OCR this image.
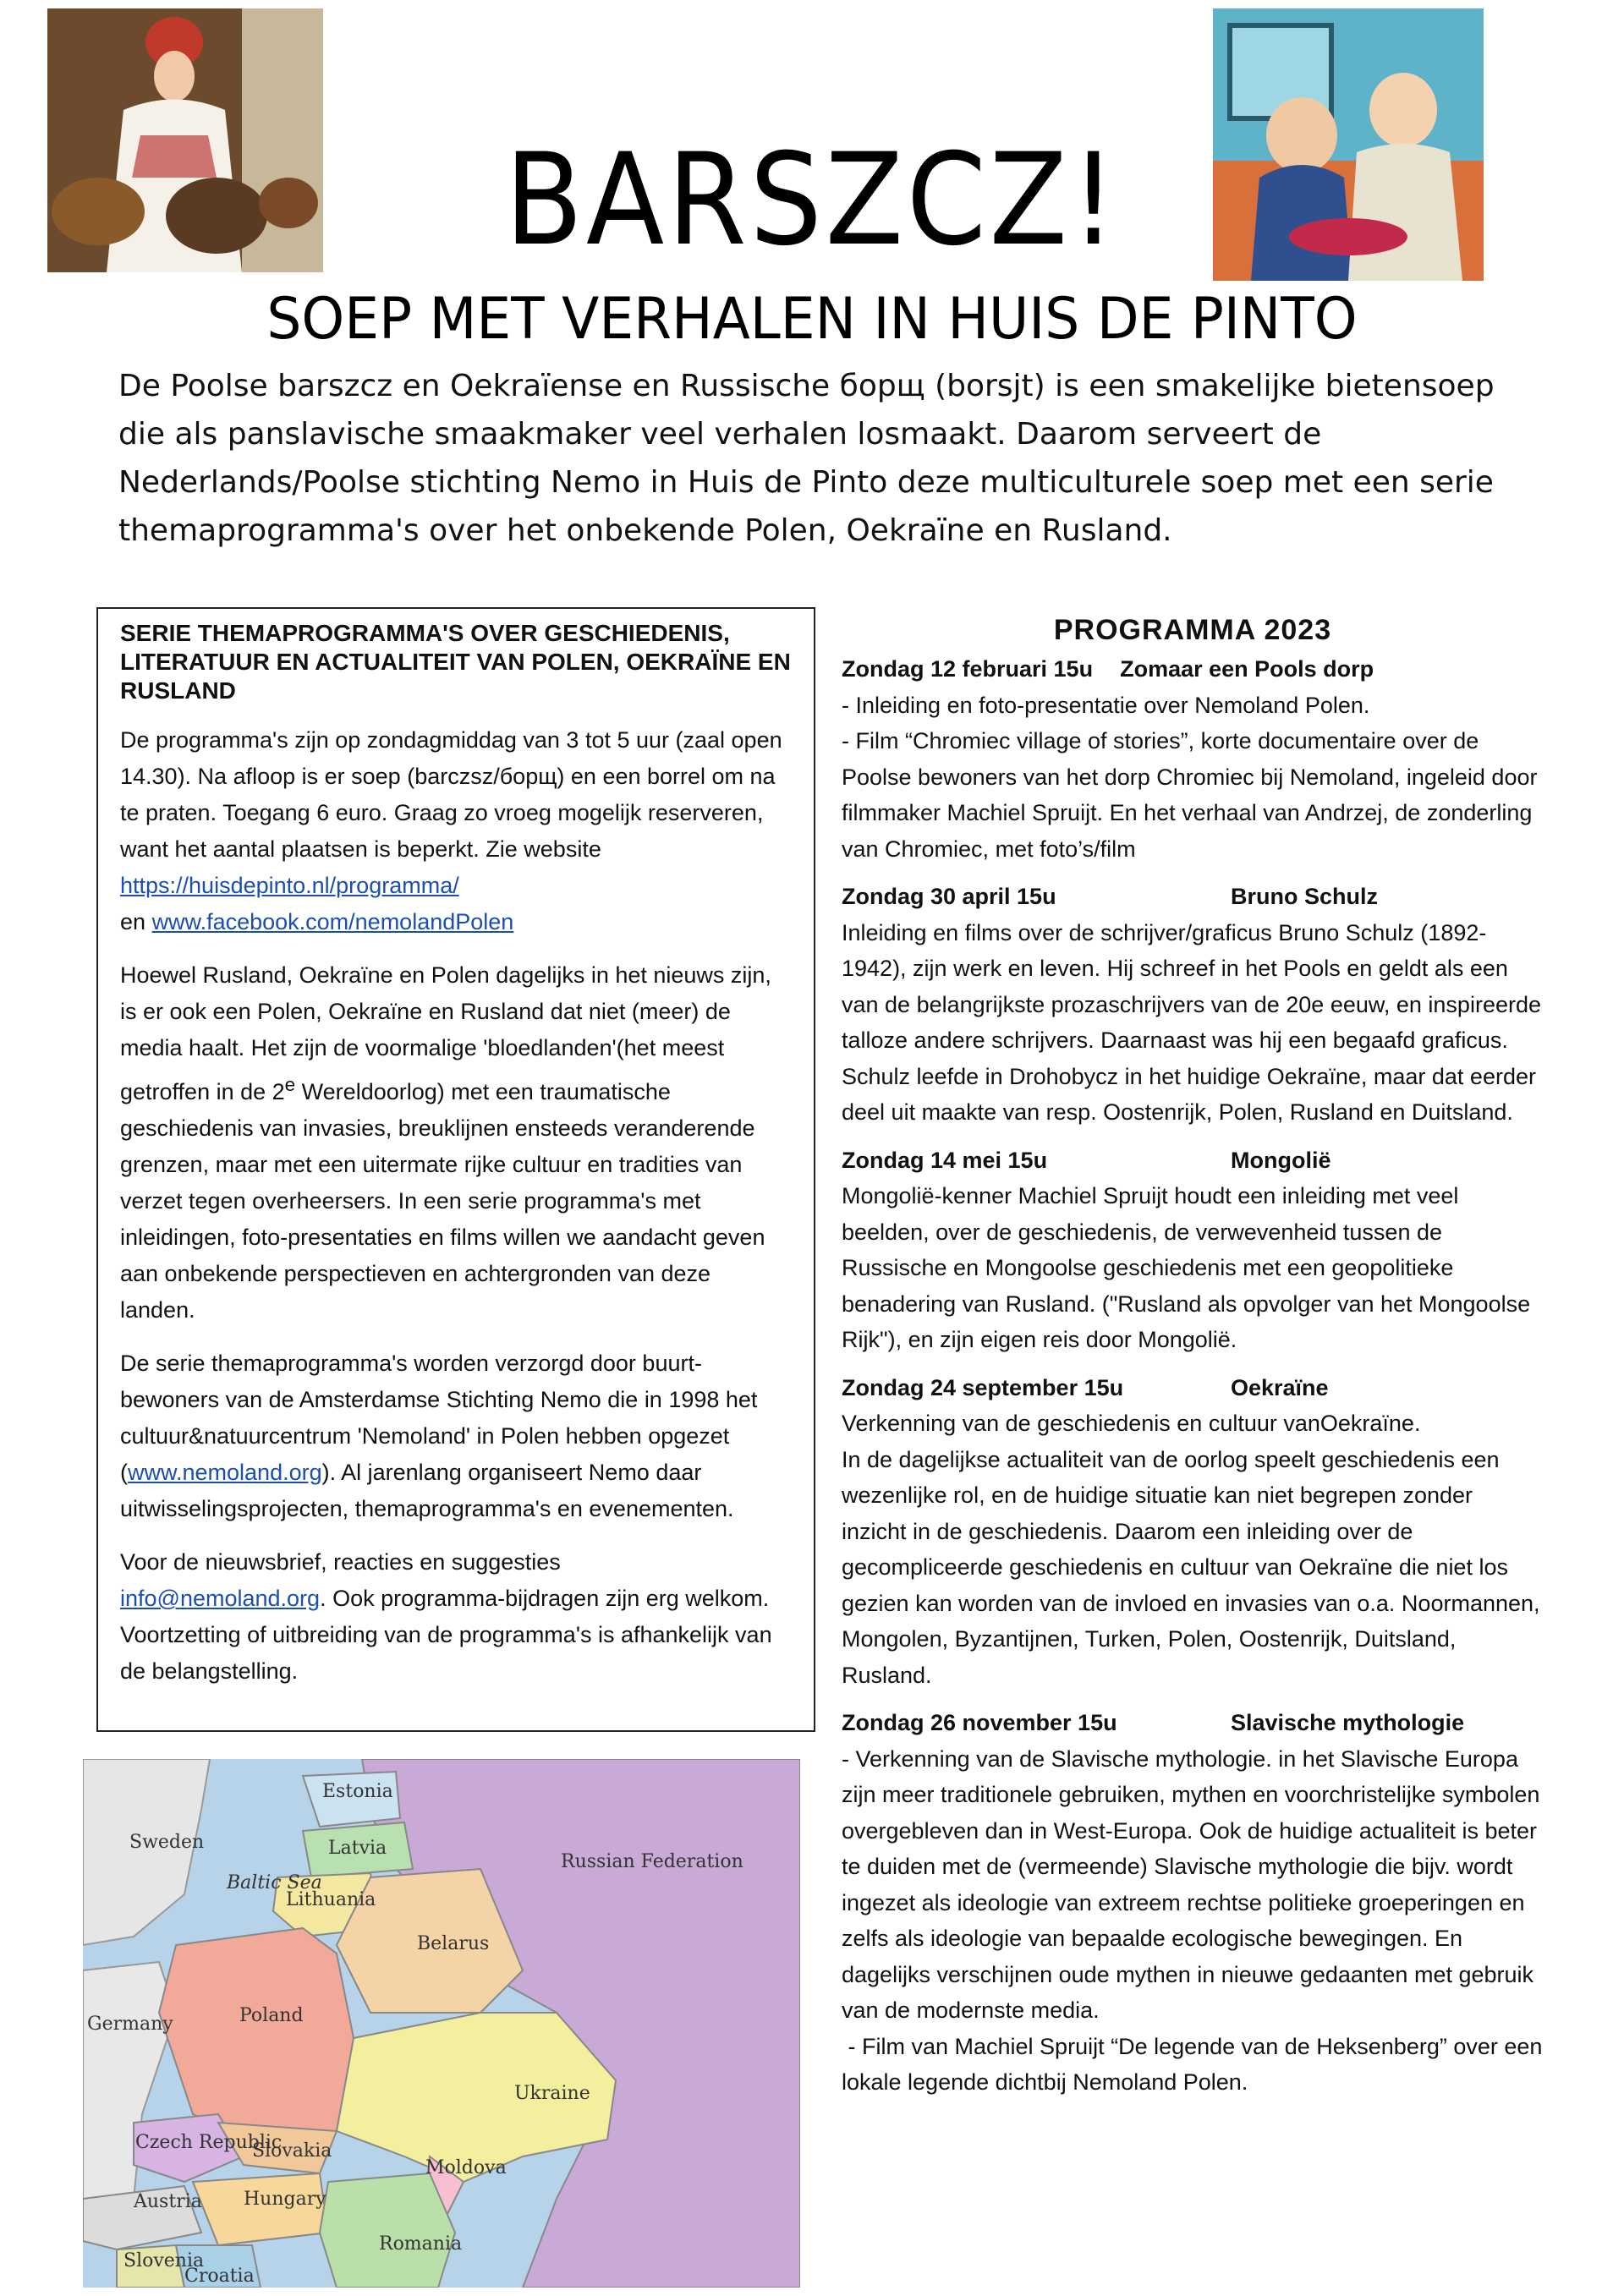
BARSZCZ!
SOEP MET VERHALEN IN HUIS DE PINTO

De Poolse barszcz en Oekraïense en Russische борщ (borsjt) is een smakelijke bietensoep die als panslavische smaakmaker veel verhalen losmaakt. Daarom serveert de Nederlands/Poolse stichting Nemo in Huis de Pinto deze multiculturele soep met een serie themaprogramma's over het onbekende Polen, Oekraïne en Rusland.

SERIE THEMAPROGRAMMA'S OVER GESCHIEDENIS, LITERATUUR EN ACTUALITEIT VAN POLEN, OEKRAÏNE EN RUSLAND

De programma's zijn op zondagmiddag van 3 tot 5 uur (zaal open 14.30). Na afloop is er soep (barczsz/борщ) en een borrel om na te praten. Toegang 6 euro. Graag zo vroeg mogelijk reserveren, want het aantal plaatsen is beperkt. Zie website https://huisdepinto.nl/programma/
en www.facebook.com/nemolandPolen

Hoewel Rusland, Oekraïne en Polen dagelijks in het nieuws zijn, is er ook een Polen, Oekraïne en Rusland dat niet (meer) de media haalt. Het zijn de voormalige 'bloedlanden'(het meest getroffen in de 2e Wereldoorlog) met een traumatische geschiedenis van invasies, breuklijnen ensteeds veranderende grenzen, maar met een uitermate rijke cultuur en tradities van verzet tegen overheersers. In een serie programma's met inleidingen, foto-presentaties en films willen we aandacht geven aan onbekende perspectieven en achtergronden van deze landen.

De serie themaprogramma's worden verzorgd door buurt-bewoners van de Amsterdamse Stichting Nemo die in 1998 het cultuur&natuurcentrum 'Nemoland' in Polen hebben opgezet (www.nemoland.org). Al jarenlang organiseert Nemo daar uitwisselingsprojecten, themaprogramma's en evenementen.

Voor de nieuwsbrief, reacties en suggesties
info@nemoland.org. Ook programma-bijdragen zijn erg welkom. Voortzetting of uitbreiding van de programma's is afhankelijk van de belangstelling.

PROGRAMMA 2023
Zondag 12 februari 15u Zomaar een Pools dorp

- Inleiding en foto-presentatie over Nemoland Polen.
- Film “Chromiec village of stories”, korte documentaire over de Poolse bewoners van het dorp Chromiec bij Nemoland, ingeleid door filmmaker Machiel Spruijt. En het verhaal van Andrzej, de zonderling van Chromiec, met foto’s/film

Zondag 30 april 15u	Bruno Schulz

Inleiding en films over de schrijver/graficus Bruno Schulz (1892-1942), zijn werk en leven. Hij schreef in het Pools en geldt als een van de belangrijkste prozaschrijvers van de 20e eeuw, en inspireerde talloze andere schrijvers. Daarnaast was hij een begaafd graficus. Schulz leefde in Drohobycz in het huidige Oekraïne, maar dat eerder deel uit maakte van resp. Oostenrijk, Polen, Rusland en Duitsland.

Zondag 14 mei 15u	Mongolië

Mongolië-kenner Machiel Spruijt houdt een inleiding met veel beelden, over de geschiedenis, de verwevenheid tussen de Russische en Mongoolse geschiedenis met een geopolitieke benadering van Rusland. ("Rusland als opvolger van het Mongoolse Rijk"), en zijn eigen reis door Mongolië.

Zondag 24 september 15u	Oekraïne

Verkenning van de geschiedenis en cultuur vanOekraïne.
In de dagelijkse actualiteit van de oorlog speelt geschiedenis een wezenlijke rol, en de huidige situatie kan niet begrepen zonder inzicht in de geschiedenis. Daarom een inleiding over de gecompliceerde geschiedenis en cultuur van Oekraïne die niet los gezien kan worden van de invloed en invasies van o.a. Noormannen, Mongolen, Byzantijnen, Turken, Polen, Oostenrijk, Duitsland, Rusland.

Zondag 26 november 15u	Slavische mythologie

- Verkenning van de Slavische mythologie. in het Slavische Europa zijn meer traditionele gebruiken, mythen en voorchristelijke symbolen overgebleven dan in West-Europa. Ook de huidige actualiteit is beter te duiden met de (vermeende) Slavische mythologie die bijv. wordt ingezet als ideologie van extreem rechtse politieke groeperingen en zelfs als ideologie van bepaalde ecologische bewegingen. En dagelijks verschijnen oude mythen in nieuwe gedaanten met gebruik van de modernste media.
- Film van Machiel Spruijt “De legende van de Heksenberg” over een lokale legende dichtbij Nemoland Polen.

Estonia
Sweden	Latvia
Russian Federation
Baltic Sea
Lithuania
Belarus
Germany	Poland
Ukraine
Czech Republic
Slovakia
Moldova
Austria Hungary
Romania
Slovenia
Croatia
